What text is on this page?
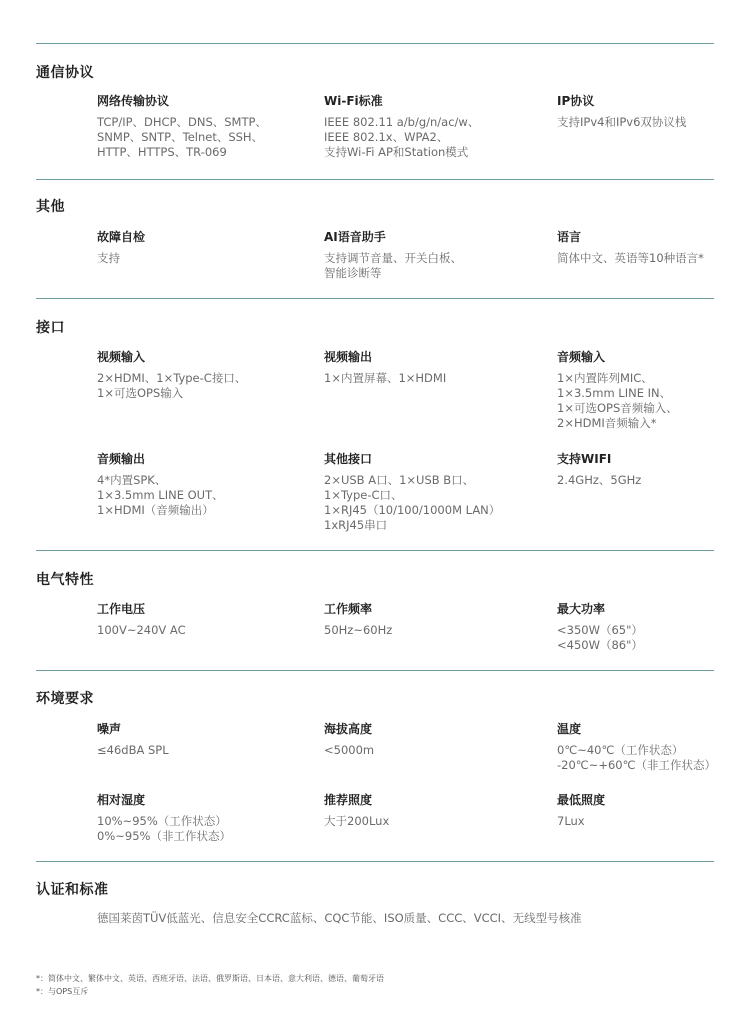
通信协议
网络传输协议
TCP/IP、DHCP、DNS、SMTP、
SNMP、SNTP、Telnet、SSH、
HTTP、HTTPS、TR-069
Wi-Fi标准
IEEE 802.11 a/b/g/n/ac/w、
IEEE 802.1x、WPA2、
支持Wi-Fi AP和Station模式
IP协议
支持IPv4和IPv6双协议栈
其他
故障自检
支持
AI语音助手
支持调节音量、开关白板、
智能诊断等
语言
简体中文、英语等10种语言*
接口
视频输入
2×HDMI、1×Type-C接口、
1×可选OPS输入
视频输出
1×内置屏幕、1×HDMI
音频输入
1×内置阵列MIC、
1×3.5mm LINE IN、
1×可选OPS音频输入、
2×HDMI音频输入*
音频输出
4*内置SPK、
1×3.5mm LINE OUT、
1×HDMI（音频输出）
其他接口
2×USB A口、1×USB B口、
1×Type-C口、
1×RJ45（10/100/1000M LAN）
1xRJ45串口
支持WIFI
2.4GHz、5GHz
电气特性
工作电压
100V~240V AC
工作频率
50Hz~60Hz
最大功率
<350W（65"）
<450W（86"）
环境要求
噪声
≤46dBA SPL
海拔高度
<5000m
温度
0℃~40℃（工作状态）
-20℃~+60℃（非工作状态）
相对湿度
10%~95%（工作状态）
0%~95%（非工作状态）
推荐照度
大于200Lux
最低照度
7Lux
认证和标准
德国莱茵TÜV低蓝光、信息安全CCRC蓝标、CQC节能、ISO质量、CCC、VCCI、无线型号核准
*：简体中文、繁体中文、英语、西班牙语、法语、俄罗斯语、日本语、意大利语、德语、葡萄牙语
*：与OPS互斥
